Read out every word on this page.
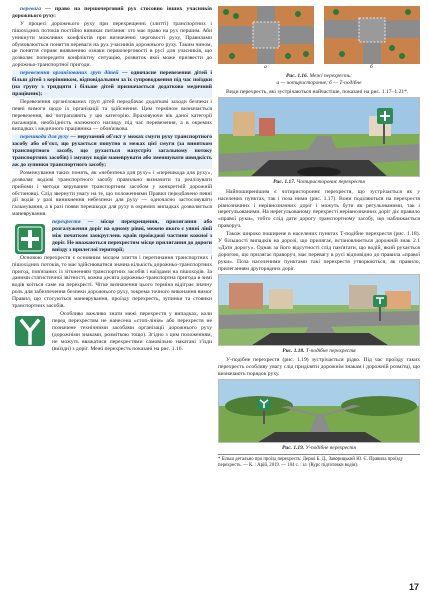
перевага — право на першочерговий рух стосовно інших учасників дорожнього руху:

У процесі дорожнього руху при перехрещенні (злитті) транспортних і пішохідних потоків постійно виникає питання: хто має право на рух першим. Аби уникнути можливих конфліктів при визначенні черговості руху, Правилами обумовлюється поняття переваги на рух учасників дорожнього руху. Таким чином, це поняття сприяє виявленню ознаки першочерговості в русі для учасників, що дозволяє попередити конфліктну ситуацію, розвиток якої може призвести до дорожньо-транспортної пригоди.

перевезення організованих груп дітей — одночасне перевезення дітей і більш дітей з керівником, відповідальним за їх супроводження під час поїздки (на групу з тридцяти і більше дітей призначається додатково медичний працівник);

Перевезення організованих груп дітей передбачає додаткові заходи безпеки і певні вимоги щодо їх організації та здійснення. Цим терміном визначається перевезення, які потрапляють у цю категорію. Враховуючи вік даної категорії пасажирів, необхідність належного нагляду під час перевезення, а в окремих випадках і медичного працівника — обов'язкова.

перешкода для руху — нерухомий об'єкт у межах смуги руху транспортного засобу або об'єкт, що рухається попутно в межах цієї смуги (за винятком транспортного засобу, що рухається назустріч загальному потоку транспортних засобів) і змушує водія маневрувати або зменшувати швидкість аж до зупинки транспортного засобу;

Розмежування таких понять, як «небезпека для руху» і «перешкода для руху», дозволяє водієві транспортного засобу правильно визначити та реалізувати прийоми і методи керування транспортним засобом у конкретній дорожній обстановці. Слід звернути увагу на те, що положеннями Правил передбачено певні дії водія у разі виникнення небезпеки для руху — одночасно застосовувати гальмування, а в разі появи перешкоди для руху в окремих випадках дозволяється маневрування.

перехрестя — місце перехрещення, прилягання або розгалуження доріг на одному рівні, межею якого є уявні лінії між початком заокруглень країв проїжджої частини кожної з доріг. Не вважаються перехрестям місце прилягання до дороги виїзду з прилеглої території;

Основою перехрестя є основним місцем злиття і перетинання транспортних і пішохідних потоків, то має здійснюватися значна кількість дорожньо-транспортних пригод, пов'язаних із зіткненням транспортних засобів і наїздами на пішоходів. За даними статистичної звітності, кожна десята дорожньо-транспортна пригода в зимі водів коїться саме на перехресті. Чітке визначення цього терміна відіграє значну роль для забезпечення безпеки дорожнього руху, зокрема точного виконання вимог Правил, що стосуються маневрування, проїзду перехресть, зупинки та стоянки транспортних засобів.

Особливо важливо знати межі перехрестя у випадках, коли перед перехрестям не нанесена «стоп-лінія» або перехрестя не позначене технічними засобами організації дорожнього руху (дорожніми знаками, розміткою тощо). Згідно з цим положенням, не можуть вважатися перехрестями самовільно накатані з'їзди (виїзди) з доріг. Межі перехресть показані на рис. 1.16.

а	б
Рис. 1.16. Межі перехресть:
а — чотиристоронне; б — Т-подібне

Види перехресть, які зустрічаються найчастіше, показані на рис. 1.17–1.21*.

Рис. 1.17. Чотиристороннє перехрестя

Найпоширенішим є чотиристороннє перехрестя, що зустрічається як у населених пунктах, так і поза ними (рис. 1.17). Вони поділяються на перехрестя рівнозначних і нерівнозначних доріг і можуть бути як регульованими, так і нерегульованими. На нерегульованому перехресті нерівнозначних доріг діє правило «правої руки», тобто слід дати дорогу транспортному засобу, що наближається праворуч.

Також широко поширене в населених пунктах Т-подібне перехрестя (рис. 1.18). У більшості випадків на дорозі, що прилягає, встановлюється дорожній знак 2.1 «Дати дорогу». Однак за його відсутності слід пам'ятати, що водій, який рухається дорогою, що прилягає праворуч, має перевагу в русі відповідно до правила «правої руки». Поза населеними пунктами такі перехрестя утворюються, як правило, прилеганням другорядних доріг.

Рис. 1.18. Т-подібне перехрестя

У-подібне перехрестя (рис. 1.19) зустрічається рідко. Під час проїзду таких перехресть особливу увагу слід приділяти дорожнім знакам і дорожній розмітці, що визначають порядок руху.

Рис. 1.19. У-подібне перехрестя
* Більш детально про проїзд перехресть: Дерюі Б. Д., Заворицький Ю. Є. Правила проїзду перехресть. — К. : Арій, 2019. — 104 с. : іл. (Курс підготовки водія).
17
